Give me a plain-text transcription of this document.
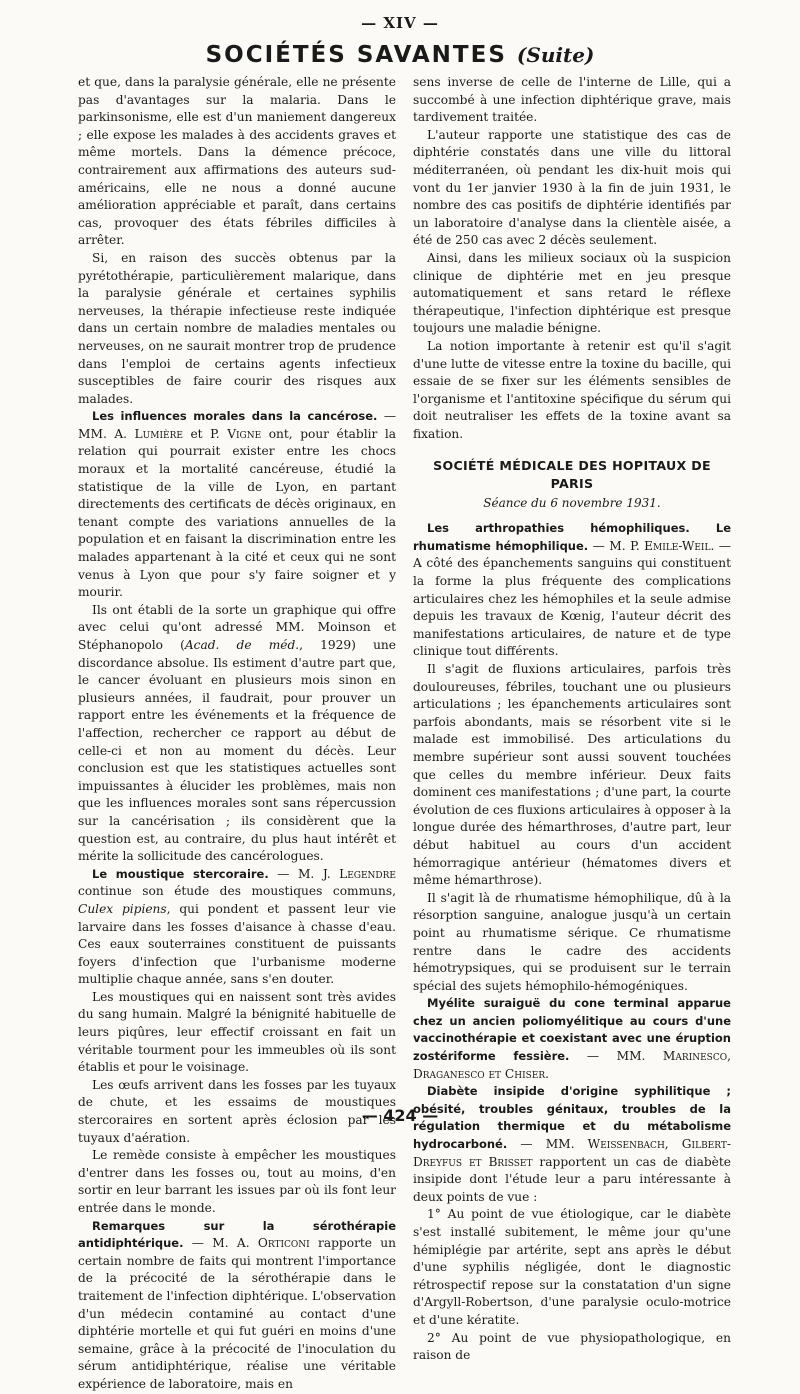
— XIV —
SOCIÉTÉS SAVANTES (Suite)

et que, dans la paralysie générale, elle ne présente pas d'avantages sur la malaria. Dans le parkinsonisme, elle est d'un maniement dangereux ; elle expose les malades à des accidents graves et même mortels. Dans la démence précoce, contrairement aux affirmations des auteurs sud-américains, elle ne nous a donné aucune amélioration appréciable et paraît, dans certains cas, provoquer des états fébriles difficiles à arrêter.

Si, en raison des succès obtenus par la pyrétothérapie, particulièrement malarique, dans la paralysie générale et certaines syphilis nerveuses, la thérapie infectieuse reste indiquée dans un certain nombre de maladies mentales ou nerveuses, on ne saurait montrer trop de prudence dans l'emploi de certains agents infectieux susceptibles de faire courir des risques aux malades.

Les influences morales dans la cancérose. — MM. A. Lumière et P. Vigne ont, pour établir la relation qui pourrait exister entre les chocs moraux et la mortalité cancéreuse, étudié la statistique de la ville de Lyon, en partant directements des certificats de décès originaux, en tenant compte des variations annuelles de la population et en faisant la discrimination entre les malades appartenant à la cité et ceux qui ne sont venus à Lyon que pour s'y faire soigner et y mourir.

Ils ont établi de la sorte un graphique qui offre avec celui qu'ont adressé MM. Moinson et Stéphanopolo (Acad. de méd., 1929) une discordance absolue. Ils estiment d'autre part que, le cancer évoluant en plusieurs mois sinon en plusieurs années, il faudrait, pour prouver un rapport entre les événements et la fréquence de l'affection, rechercher ce rapport au début de celle-ci et non au moment du décès. Leur conclusion est que les statistiques actuelles sont impuissantes à élucider les problèmes, mais non que les influences morales sont sans répercussion sur la cancérisation ; ils considèrent que la question est, au contraire, du plus haut intérêt et mérite la sollicitude des cancérologues.

Le moustique stercoraire. — M. J. Legendre continue son étude des moustiques communs, Culex pipiens, qui pondent et passent leur vie larvaire dans les fosses d'aisance à chasse d'eau. Ces eaux souterraines constituent de puissants foyers d'infection que l'urbanisme moderne multiplie chaque année, sans s'en douter.

Les moustiques qui en naissent sont très avides du sang humain. Malgré la bénignité habituelle de leurs piqûres, leur effectif croissant en fait un véritable tourment pour les immeubles où ils sont établis et pour le voisinage.

Les œufs arrivent dans les fosses par les tuyaux de chute, et les essaims de moustiques stercoraires en sortent après éclosion par les tuyaux d'aération.

Le remède consiste à empêcher les moustiques d'entrer dans les fosses ou, tout au moins, d'en sortir en leur barrant les issues par où ils font leur entrée dans le monde.

Remarques sur la sérothérapie antidiphtérique. — M. A. Orticoni rapporte un certain nombre de faits qui montrent l'importance de la précocité de la sérothérapie dans le traitement de l'infection diphtérique. L'observation d'un médecin contaminé au contact d'une diphtérie mortelle et qui fut guéri en moins d'une semaine, grâce à la précocité de l'inoculation du sérum antidiphtérique, réalise une véritable expérience de laboratoire, mais en

sens inverse de celle de l'interne de Lille, qui a succombé à une infection diphtérique grave, mais tardivement traitée.

L'auteur rapporte une statistique des cas de diphtérie constatés dans une ville du littoral méditerranéen, où pendant les dix-huit mois qui vont du 1er janvier 1930 à la fin de juin 1931, le nombre des cas positifs de diphtérie identifiés par un laboratoire d'analyse dans la clientèle aisée, a été de 250 cas avec 2 décès seulement.

Ainsi, dans les milieux sociaux où la suspicion clinique de diphtérie met en jeu presque automatiquement et sans retard le réflexe thérapeutique, l'infection diphtérique est presque toujours une maladie bénigne.

La notion importante à retenir est qu'il s'agit d'une lutte de vitesse entre la toxine du bacille, qui essaie de se fixer sur les éléments sensibles de l'organisme et l'antitoxine spécifique du sérum qui doit neutraliser les effets de la toxine avant sa fixation.

SOCIÉTÉ MÉDICALE DES HOPITAUX DE PARIS
Séance du 6 novembre 1931.

Les arthropathies hémophiliques. Le rhumatisme hémophilique. — M. P. Emile-Weil. — A côté des épanchements sanguins qui constituent la forme la plus fréquente des complications articulaires chez les hémophiles et la seule admise depuis les travaux de Kœnig, l'auteur décrit des manifestations articulaires, de nature et de type clinique tout différents.

Il s'agit de fluxions articulaires, parfois très douloureuses, fébriles, touchant une ou plusieurs articulations ; les épanchements articulaires sont parfois abondants, mais se résorbent vite si le malade est immobilisé. Des articulations du membre supérieur sont aussi souvent touchées que celles du membre inférieur. Deux faits dominent ces manifestations ; d'une part, la courte évolution de ces fluxions articulaires à opposer à la longue durée des hémarthroses, d'autre part, leur début habituel au cours d'un accident hémorragique antérieur (hématomes divers et même hémarthrose).

Il s'agit là de rhumatisme hémophilique, dû à la résorption sanguine, analogue jusqu'à un certain point au rhumatisme sérique. Ce rhumatisme rentre dans le cadre des accidents hémotrypsiques, qui se produisent sur le terrain spécial des sujets hémophilo-hémogéniques.

Myélite suraiguë du cone terminal apparue chez un ancien poliomyélitique au cours d'une vaccinothérapie et coexistant avec une éruption zostériforme fessière. — MM. Marinesco, Draganesco et Chiser.

Diabète insipide d'origine syphilitique ; obésité, troubles génitaux, troubles de la régulation thermique et du métabolisme hydrocarboné. — MM. Weissenbach, Gilbert-Dreyfus et Brisset rapportent un cas de diabète insipide dont l'étude leur a paru intéressante à deux points de vue :

1° Au point de vue étiologique, car le diabète s'est installé subitement, le même jour qu'une hémiplégie par artérite, sept ans après le début d'une syphilis négligée, dont le diagnostic rétrospectif repose sur la constatation d'un signe d'Argyll-Robertson, d'une paralysie oculo-motrice et d'une kératite.

2° Au point de vue physiopathologique, en raison de

— 424 —
